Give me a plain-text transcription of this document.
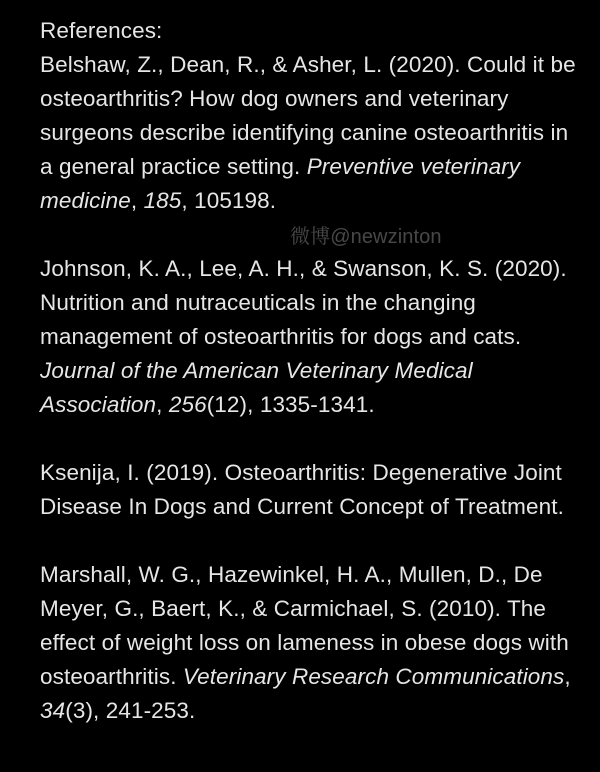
References:

Belshaw, Z., Dean, R., & Asher, L. (2020). Could it be osteoarthritis? How dog owners and veterinary surgeons describe identifying canine osteoarthritis in a general practice setting. Preventive veterinary medicine, 185, 105198.

微博@newzinton

Johnson, K. A., Lee, A. H., & Swanson, K. S. (2020). Nutrition and nutraceuticals in the changing management of osteoarthritis for dogs and cats. Journal of the American Veterinary Medical Association, 256(12), 1335-1341.

Ksenija, I. (2019). Osteoarthritis: Degenerative Joint Disease In Dogs and Current Concept of Treatment.

Marshall, W. G., Hazewinkel, H. A., Mullen, D., De Meyer, G., Baert, K., & Carmichael, S. (2010). The effect of weight loss on lameness in obese dogs with osteoarthritis. Veterinary Research Communications, 34(3), 241-253.
